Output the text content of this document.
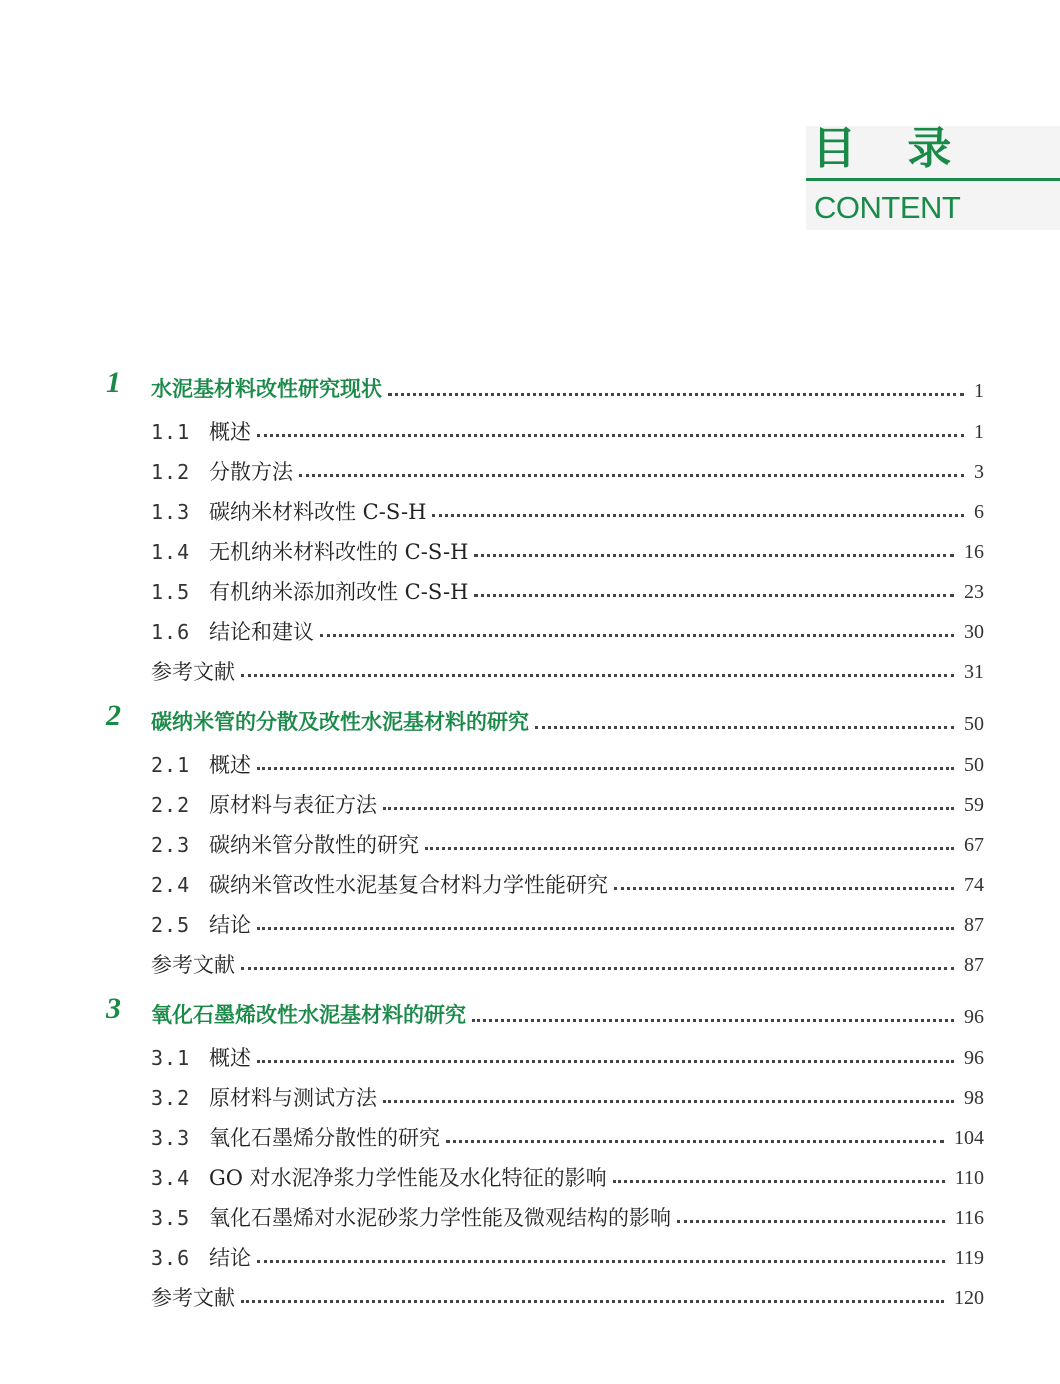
目 录
CONTENT
1 水泥基材料改性研究现状	1
1.1 概述	1
1.2 分散方法	3
1.3 碳纳米材料改性 C-S-H	6
1.4 无机纳米材料改性的 C-S-H	16
1.5 有机纳米添加剂改性 C-S-H	23
1.6 结论和建议	30
参考文献	31
2 碳纳米管的分散及改性水泥基材料的研究	50
2.1 概述	50
2.2 原材料与表征方法	59
2.3 碳纳米管分散性的研究	67
2.4 碳纳米管改性水泥基复合材料力学性能研究	74
2.5 结论	87
参考文献	87
3 氧化石墨烯改性水泥基材料的研究	96
3.1 概述	96
3.2 原材料与测试方法	98
3.3 氧化石墨烯分散性的研究	104
3.4 GO 对水泥净浆力学性能及水化特征的影响	110
3.5 氧化石墨烯对水泥砂浆力学性能及微观结构的影响	116
3.6 结论	119
参考文献	120
